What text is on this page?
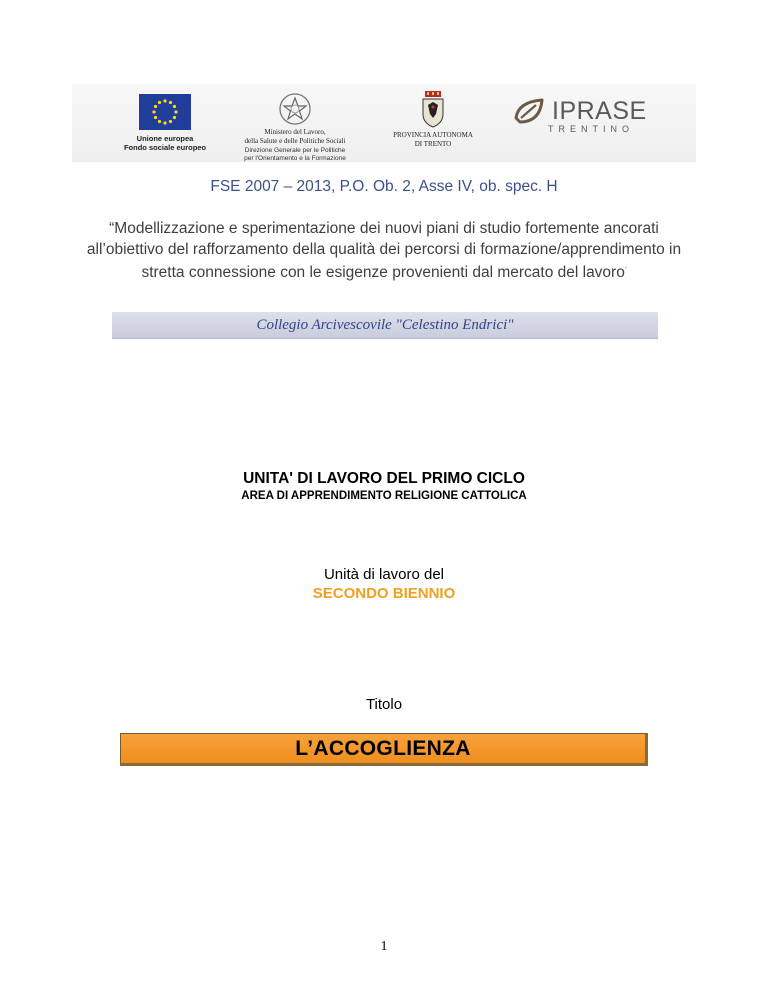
Unione europea
Fondo sociale europeo
Ministero del Lavoro,
della Salute e delle Politiche Sociali
Direzione Generale per le Politiche
per l'Orientamento e la Formazione
PROVINCIA AUTONOMA
DI TRENTO
IPRASE
TRENTINO
FSE 2007 – 2013, P.O. Ob. 2, Asse IV, ob. spec. H
“Modellizzazione e sperimentazione dei nuovi piani di studio fortemente ancorati all’obiettivo del rafforzamento della qualità dei percorsi di formazione/apprendimento in stretta connessione con le esigenze provenienti dal mercato del lavoro”
Collegio Arcivescovile "Celestino Endrici"
UNITA' DI LAVORO DEL PRIMO CICLO
AREA DI APPRENDIMENTO RELIGIONE CATTOLICA
Unità di lavoro del
SECONDO BIENNIO
Titolo
L’ACCOGLIENZA
1
